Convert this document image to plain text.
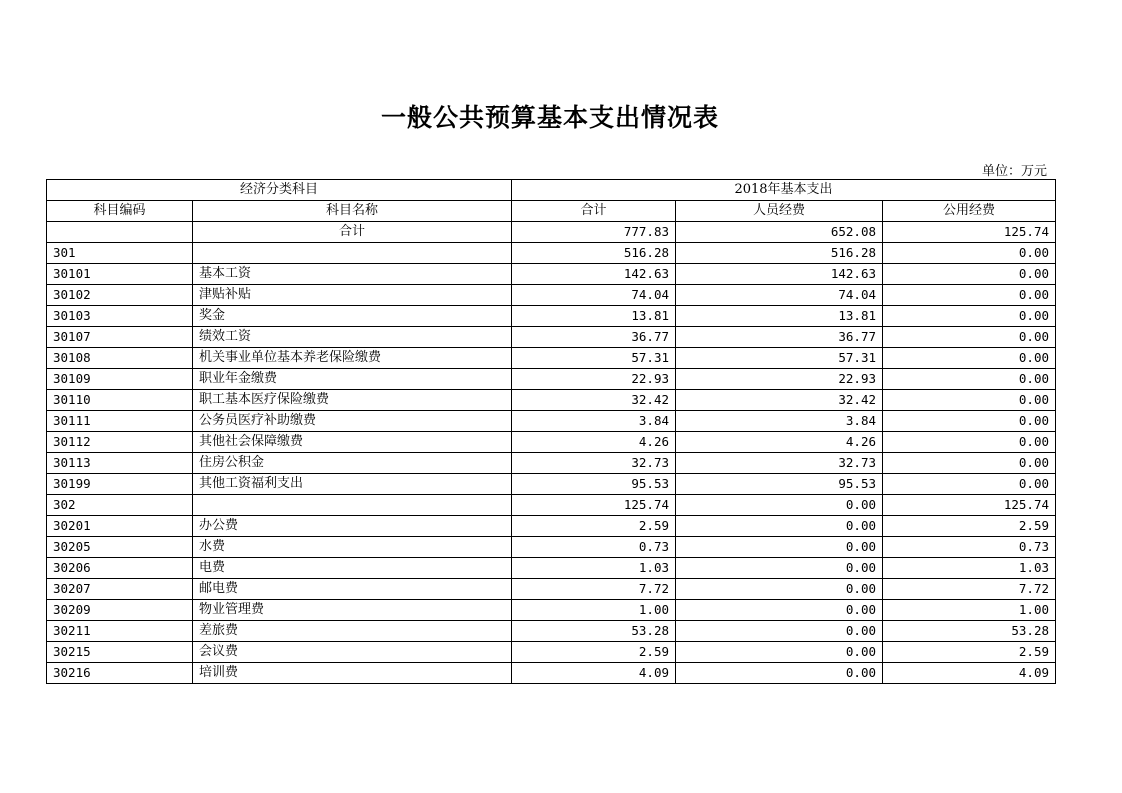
一般公共预算基本支出情况表
单位：万元
经济分类科目		2018年基本支出		
科目编码	科目名称	合计	人员经费	公用经费
	合计	777.83	652.08	125.74
301		516.28	516.28	0.00
30101	基本工资	142.63	142.63	0.00
30102	津贴补贴	74.04	74.04	0.00
30103	奖金	13.81	13.81	0.00
30107	绩效工资	36.77	36.77	0.00
30108	机关事业单位基本养老保险缴费	57.31	57.31	0.00
30109	职业年金缴费	22.93	22.93	0.00
30110	职工基本医疗保险缴费	32.42	32.42	0.00
30111	公务员医疗补助缴费	3.84	3.84	0.00
30112	其他社会保障缴费	4.26	4.26	0.00
30113	住房公积金	32.73	32.73	0.00
30199	其他工资福利支出	95.53	95.53	0.00
302		125.74	0.00	125.74
30201	办公费	2.59	0.00	2.59
30205	水费	0.73	0.00	0.73
30206	电费	1.03	0.00	1.03
30207	邮电费	7.72	0.00	7.72
30209	物业管理费	1.00	0.00	1.00
30211	差旅费	53.28	0.00	53.28
30215	会议费	2.59	0.00	2.59
30216	培训费	4.09	0.00	4.09
